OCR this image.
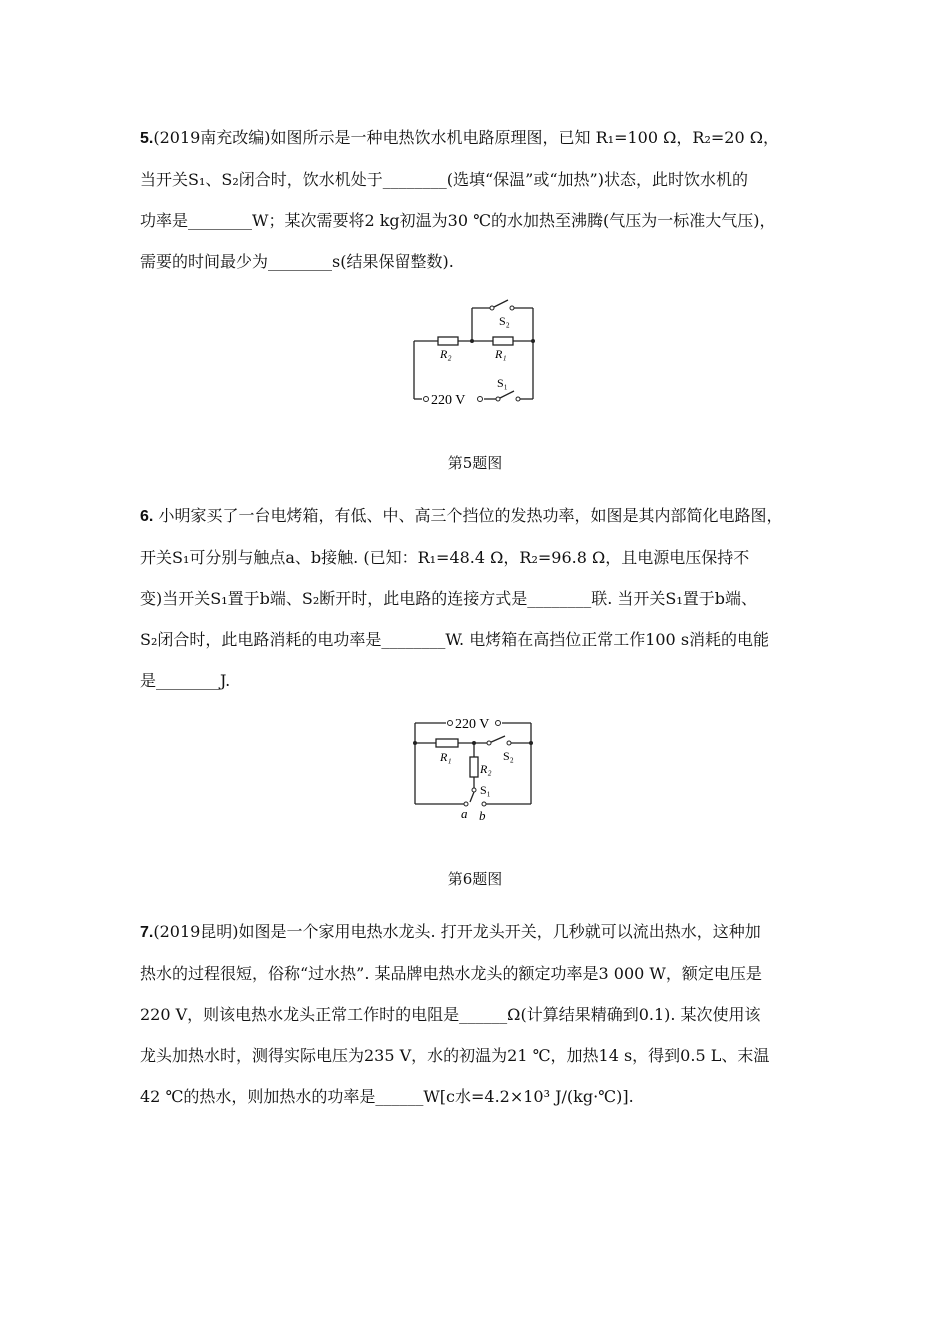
5.(2019南充改编)如图所示是一种电热饮水机电路原理图，已知 R₁=100 Ω，R₂=20 Ω，

当开关S₁、S₂闭合时，饮水机处于________(选填“保温”或“加热”)状态，此时饮水机的

功率是________W；某次需要将2 kg初温为30 ℃的水加热至沸腾(气压为一标准大气压)，

需要的时间最少为________s(结果保留整数).

R₂	R₁
S₂
S₁
220 V
第5题图

6. 小明家买了一台电烤箱，有低、中、高三个挡位的发热功率，如图是其内部简化电路图，

开关S₁可分别与触点a、b接触. (已知：R₁=48.4 Ω，R₂=96.8 Ω，且电源电压保持不

变)当开关S₁置于b端、S₂断开时，此电路的连接方式是________联. 当开关S₁置于b端、

S₂闭合时，此电路消耗的电功率是________W. 电烤箱在高挡位正常工作100 s消耗的电能

是________J.

220 V
R₁
R₂
S₂
S₁
a b
第6题图

7.(2019昆明)如图是一个家用电热水龙头. 打开龙头开关，几秒就可以流出热水，这种加

热水的过程很短，俗称“过水热”. 某品牌电热水龙头的额定功率是3 000 W，额定电压是

220 V，则该电热水龙头正常工作时的电阻是______Ω(计算结果精确到0.1). 某次使用该

龙头加热水时，测得实际电压为235 V，水的初温为21 ℃，加热14 s，得到0.5 L、末温

42 ℃的热水，则加热水的功率是______W[c水=4.2×10³ J/(kg·℃)].
